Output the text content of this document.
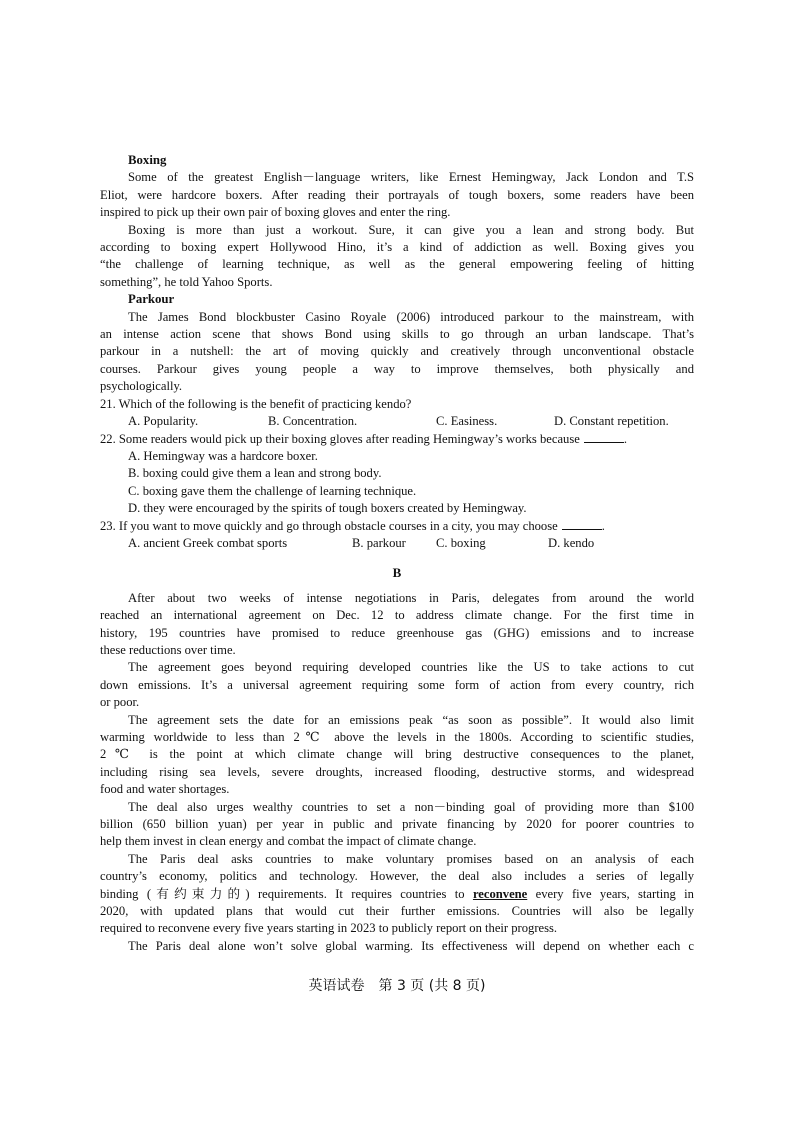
Boxing
Some of the greatest English－language writers, like Ernest Hemingway, Jack London and T.S
Eliot, were hardcore boxers. After reading their portrayals of tough boxers, some readers have been
inspired to pick up their own pair of boxing gloves and enter the ring.
Boxing is more than just a workout. Sure, it can give you a lean and strong body. But
according to boxing expert Hollywood Hino, it’s a kind of addiction as well. Boxing gives you
“the challenge of learning technique, as well as the general empowering feeling of hitting
something”, he told Yahoo Sports.
Parkour
The James Bond blockbuster Casino Royale (2006) introduced parkour to the mainstream, with
an intense action scene that shows Bond using skills to go through an urban landscape. That’s
parkour in a nutshell: the art of moving quickly and creatively through unconventional obstacle
courses. Parkour gives young people a way to improve themselves, both physically and
psychologically.
21. Which of the following is the benefit of practicing kendo?
A. Popularity.	B. Concentration.	C. Easiness.	D. Constant repetition.
22. Some readers would pick up their boxing gloves after reading Hemingway’s works because	.
A. Hemingway was a hardcore boxer.
B. boxing could give them a lean and strong body.
C. boxing gave them the challenge of learning technique.
D. they were encouraged by the spirits of tough boxers created by Hemingway.
23. If you want to move quickly and go through obstacle courses in a city, you may choose	.
A. ancient Greek combat sports	B. parkour	C. boxing	D. kendo
B
After about two weeks of intense negotiations in Paris, delegates from around the world
reached an international agreement on Dec. 12 to address climate change. For the first time in
history, 195 countries have promised to reduce greenhouse gas (GHG) emissions and to increase
these reductions over time.
The agreement goes beyond requiring developed countries like the US to take actions to cut
down emissions. It’s a universal agreement requiring some form of action from every country, rich
or poor.
The agreement sets the date for an emissions peak “as soon as possible”. It would also limit
warming worldwide to less than 2℃ above the levels in the 1800s. According to scientific studies,
2℃ is the point at which climate change will bring destructive consequences to the planet,
including rising sea levels, severe droughts, increased flooding, destructive storms, and widespread
food and water shortages.
The deal also urges wealthy countries to set a non－binding goal of providing more than $100
billion (650 billion yuan) per year in public and private financing by 2020 for poorer countries to
help them invest in clean energy and combat the impact of climate change.
The Paris deal asks countries to make voluntary promises based on an analysis of each
country’s economy, politics and technology. However, the deal also includes a series of legally
binding (有约束力的) requirements. It requires countries to reconvene every five years, starting in
2020, with updated plans that would cut their further emissions. Countries will also be legally
required to reconvene every five years starting in 2023 to publicly report on their progress.
The Paris deal alone won’t solve global warming. Its effectiveness will depend on whether each c
英语试卷　第 3 页 (共 8 页)
